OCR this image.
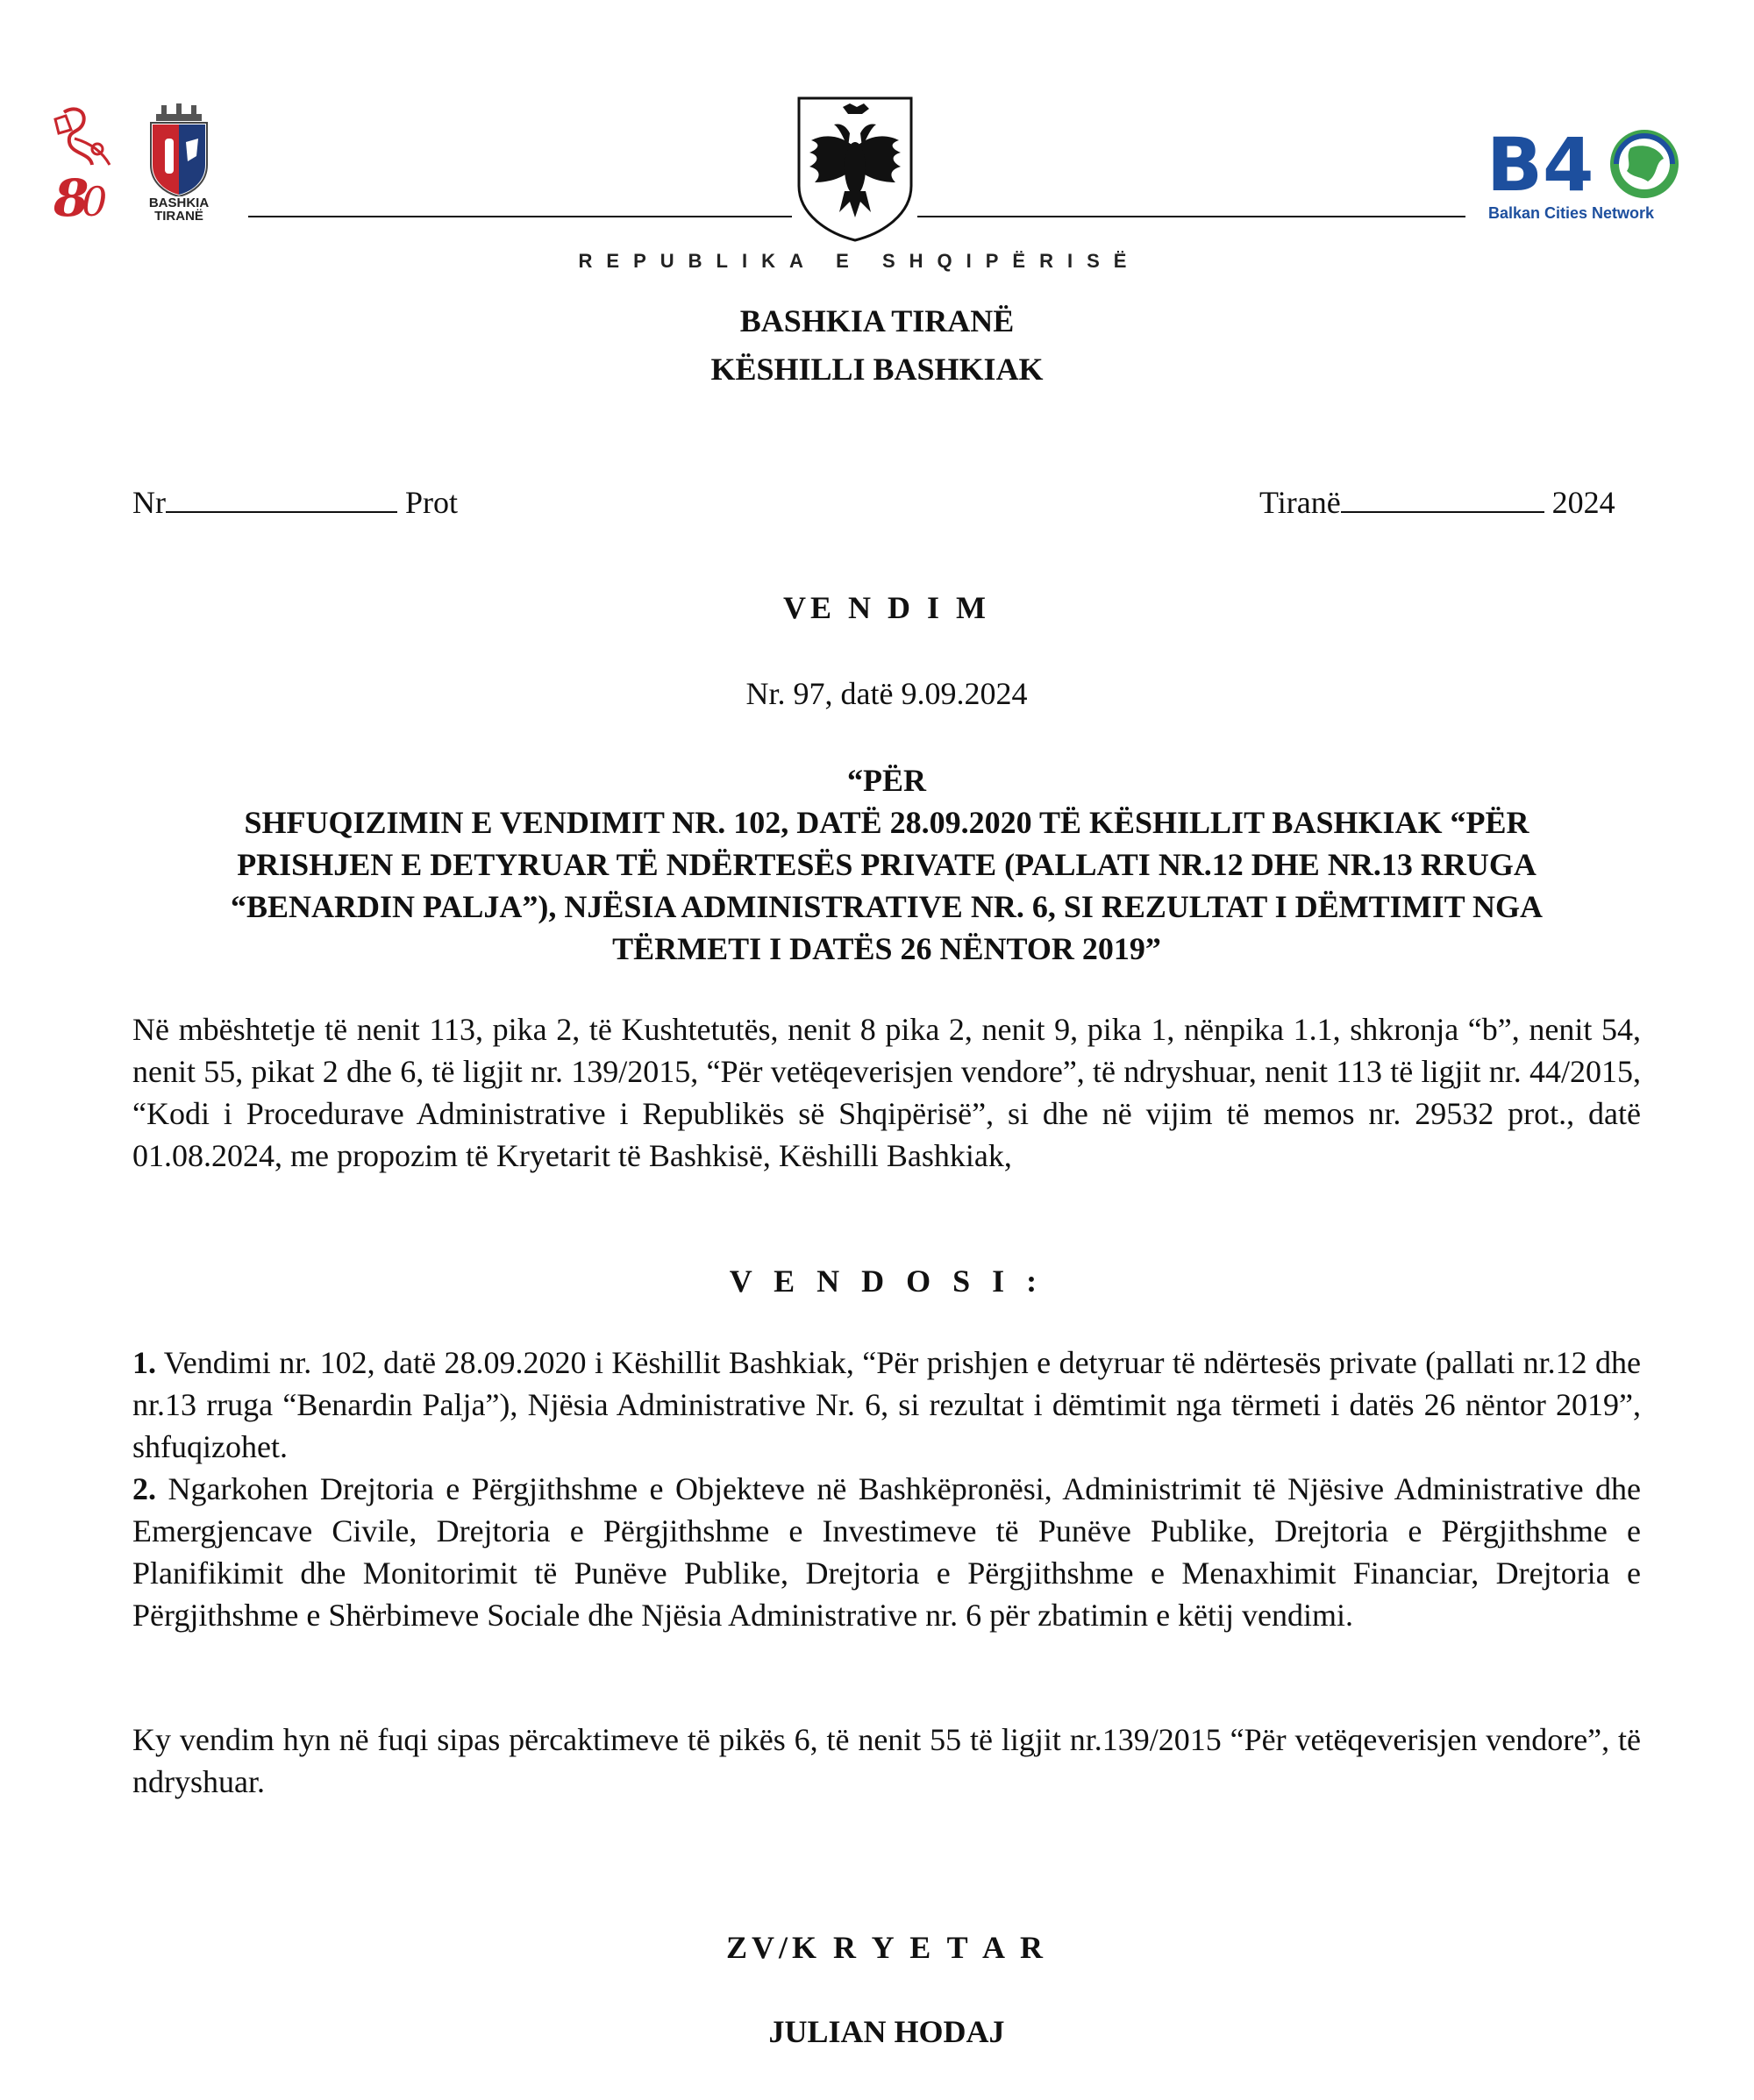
8
0	BASHKIA
TIRANË
REPUBLIKA E SHQIPËRISË
B4
Balkan Cities Network
BASHKIA TIRANË
KËSHILLI BASHKIAK
Nr	Prot	Tiranë	2024
VE N D I M
Nr. 97, datë 9.09.2024
“PËR
SHFUQIZIMIN E VENDIMIT NR. 102, DATË 28.09.2020 TË KËSHILLIT BASHKIAK “PËR
PRISHJEN E DETYRUAR TË NDËRTESËS PRIVATE (PALLATI NR.12 DHE NR.13 RRUGA
“BENARDIN PALJA”), NJËSIA ADMINISTRATIVE NR. 6, SI REZULTAT I DËMTIMIT NGA
TËRMETI I DATËS 26 NËNTOR 2019”
Në mbështetje të nenit 113, pika 2, të Kushtetutës, nenit 8 pika 2, nenit 9, pika 1, nënpika 1.1, shkronja “b”, nenit 54, nenit 55, pikat 2 dhe 6, të ligjit nr. 139/2015, “Për vetëqeverisjen vendore”, të ndryshuar, nenit 113 të ligjit nr. 44/2015, “Kodi i Procedurave Administrative i Republikës së Shqipërisë”, si dhe në vijim të memos nr. 29532 prot., datë 01.08.2024, me propozim të Kryetarit të Bashkisë, Këshilli Bashkiak,
V E N D O S I :
1. Vendimi nr. 102, datë 28.09.2020 i Këshillit Bashkiak, “Për prishjen e detyruar të ndërtesës private (pallati nr.12 dhe nr.13 rruga “Benardin Palja”), Njësia Administrative Nr. 6, si rezultat i dëmtimit nga tërmeti i datës 26 nëntor 2019”, shfuqizohet.
2. Ngarkohen Drejtoria e Përgjithshme e Objekteve në Bashkëpronësi, Administrimit të Njësive Administrative dhe Emergjencave Civile, Drejtoria e Përgjithshme e Investimeve të Punëve Publike, Drejtoria e Përgjithshme e Planifikimit dhe Monitorimit të Punëve Publike, Drejtoria e Përgjithshme e Menaxhimit Financiar, Drejtoria e Përgjithshme e Shërbimeve Sociale dhe Njësia Administrative nr. 6 për zbatimin e këtij vendimi.
Ky vendim hyn në fuqi sipas përcaktimeve të pikës 6, të nenit 55 të ligjit nr.139/2015 “Për vetëqeverisjen vendore”, të ndryshuar.
ZV/K R Y E T A R
JULIAN HODAJ
